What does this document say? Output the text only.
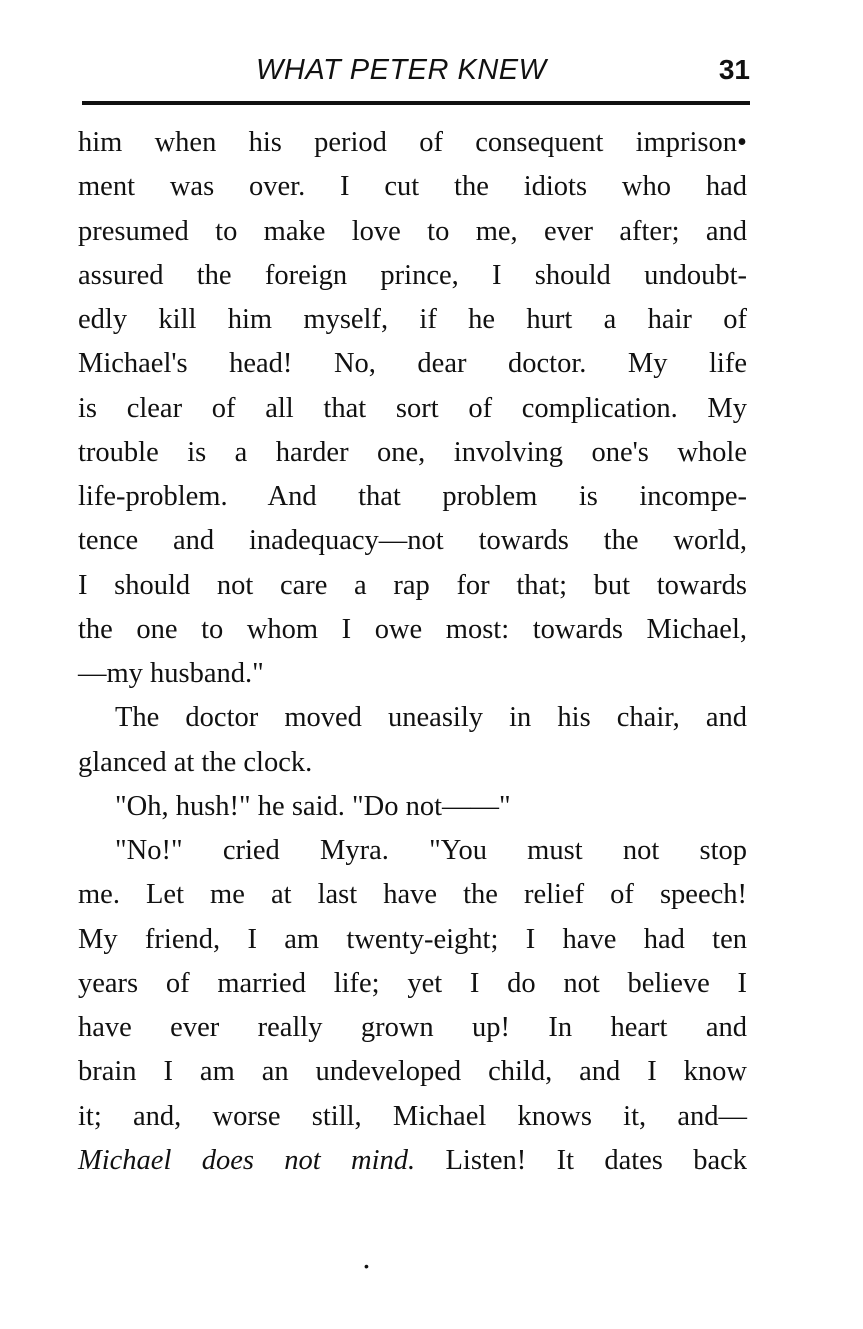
WHAT PETER KNEW	31
him when his period of consequent imprison•
ment was over. I cut the idiots who had
presumed to make love to me, ever after; and
assured the foreign prince, I should undoubt-
edly kill him myself, if he hurt a hair of
Michael's head! No, dear doctor. My life
is clear of all that sort of complication. My
trouble is a harder one, involving one's whole
life-problem. And that problem is incompe-
tence and inadequacy—not towards the world,
I should not care a rap for that; but towards
the one to whom I owe most: towards Michael,
—my husband."
The doctor moved uneasily in his chair, and
glanced at the clock.
"Oh, hush!" he said. "Do not——"
"No!" cried Myra. "You must not stop
me. Let me at last have the relief of speech!
My friend, I am twenty-eight; I have had ten
years of married life; yet I do not believe I
have ever really grown up! In heart and
brain I am an undeveloped child, and I know
it; and, worse still, Michael knows it, and—
Michael does not mind. Listen! It dates back
•
